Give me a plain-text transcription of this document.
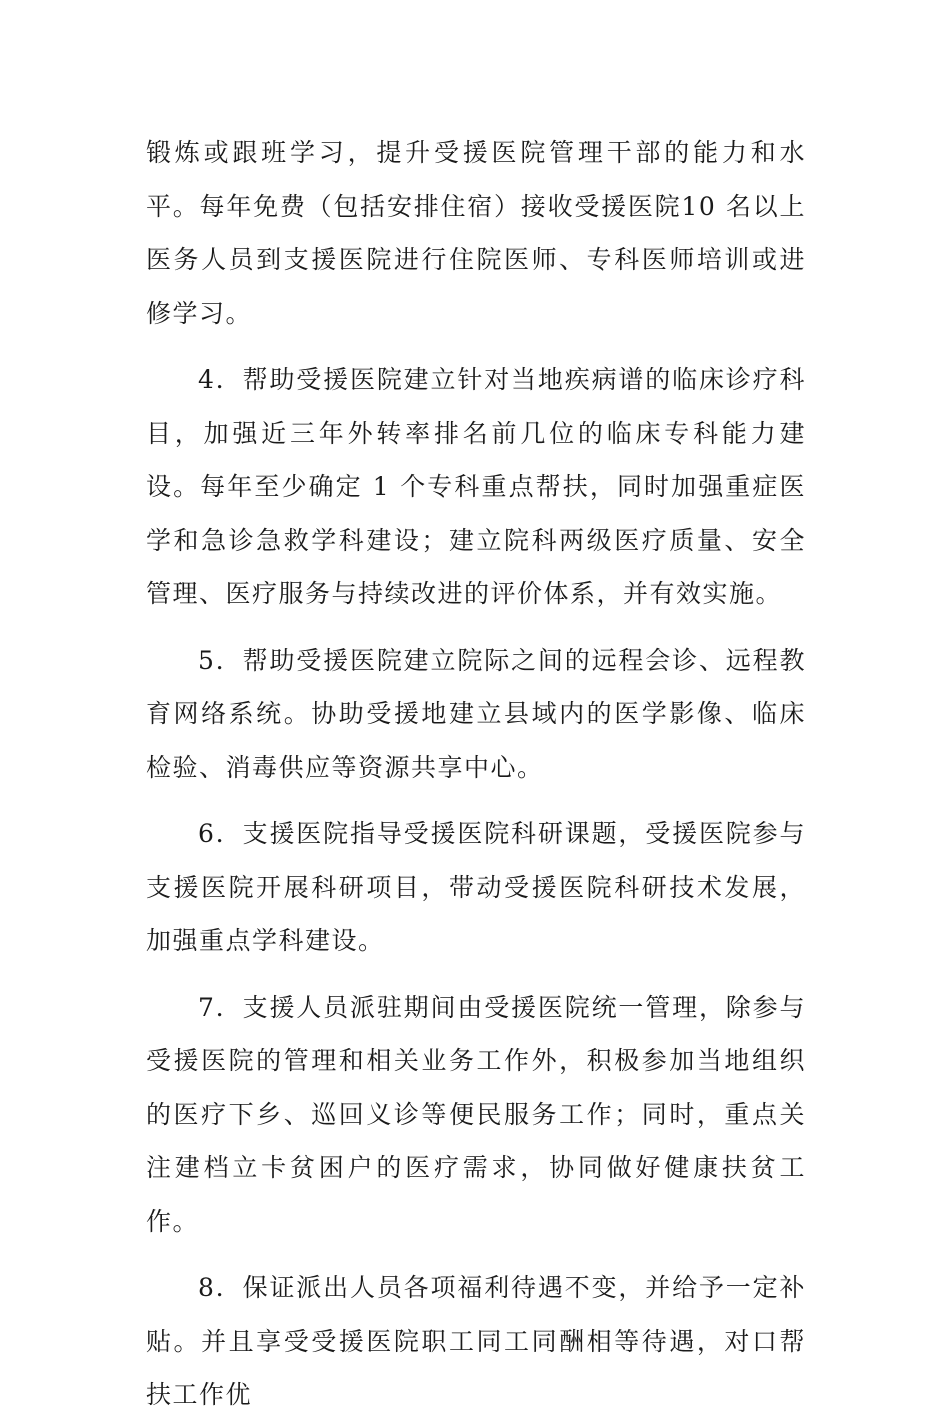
锻炼或跟班学习，提升受援医院管理干部的能力和水平。每年免费（包括安排住宿）接收受援医院10 名以上医务人员到支援医院进行住院医师、专科医师培训或进修学习。

4．帮助受援医院建立针对当地疾病谱的临床诊疗科目，加强近三年外转率排名前几位的临床专科能力建设。每年至少确定 1 个专科重点帮扶，同时加强重症医学和急诊急救学科建设；建立院科两级医疗质量、安全管理、医疗服务与持续改进的评价体系，并有效实施。

5．帮助受援医院建立院际之间的远程会诊、远程教育网络系统。协助受援地建立县域内的医学影像、临床检验、消毒供应等资源共享中心。

6．支援医院指导受援医院科研课题，受援医院参与支援医院开展科研项目，带动受援医院科研技术发展，加强重点学科建设。

7．支援人员派驻期间由受援医院统一管理，除参与受援医院的管理和相关业务工作外，积极参加当地组织的医疗下乡、巡回义诊等便民服务工作；同时，重点关注建档立卡贫困户的医疗需求，协同做好健康扶贫工作。

8．保证派出人员各项福利待遇不变，并给予一定补贴。并且享受受援医院职工同工同酬相等待遇，对口帮扶工作优
